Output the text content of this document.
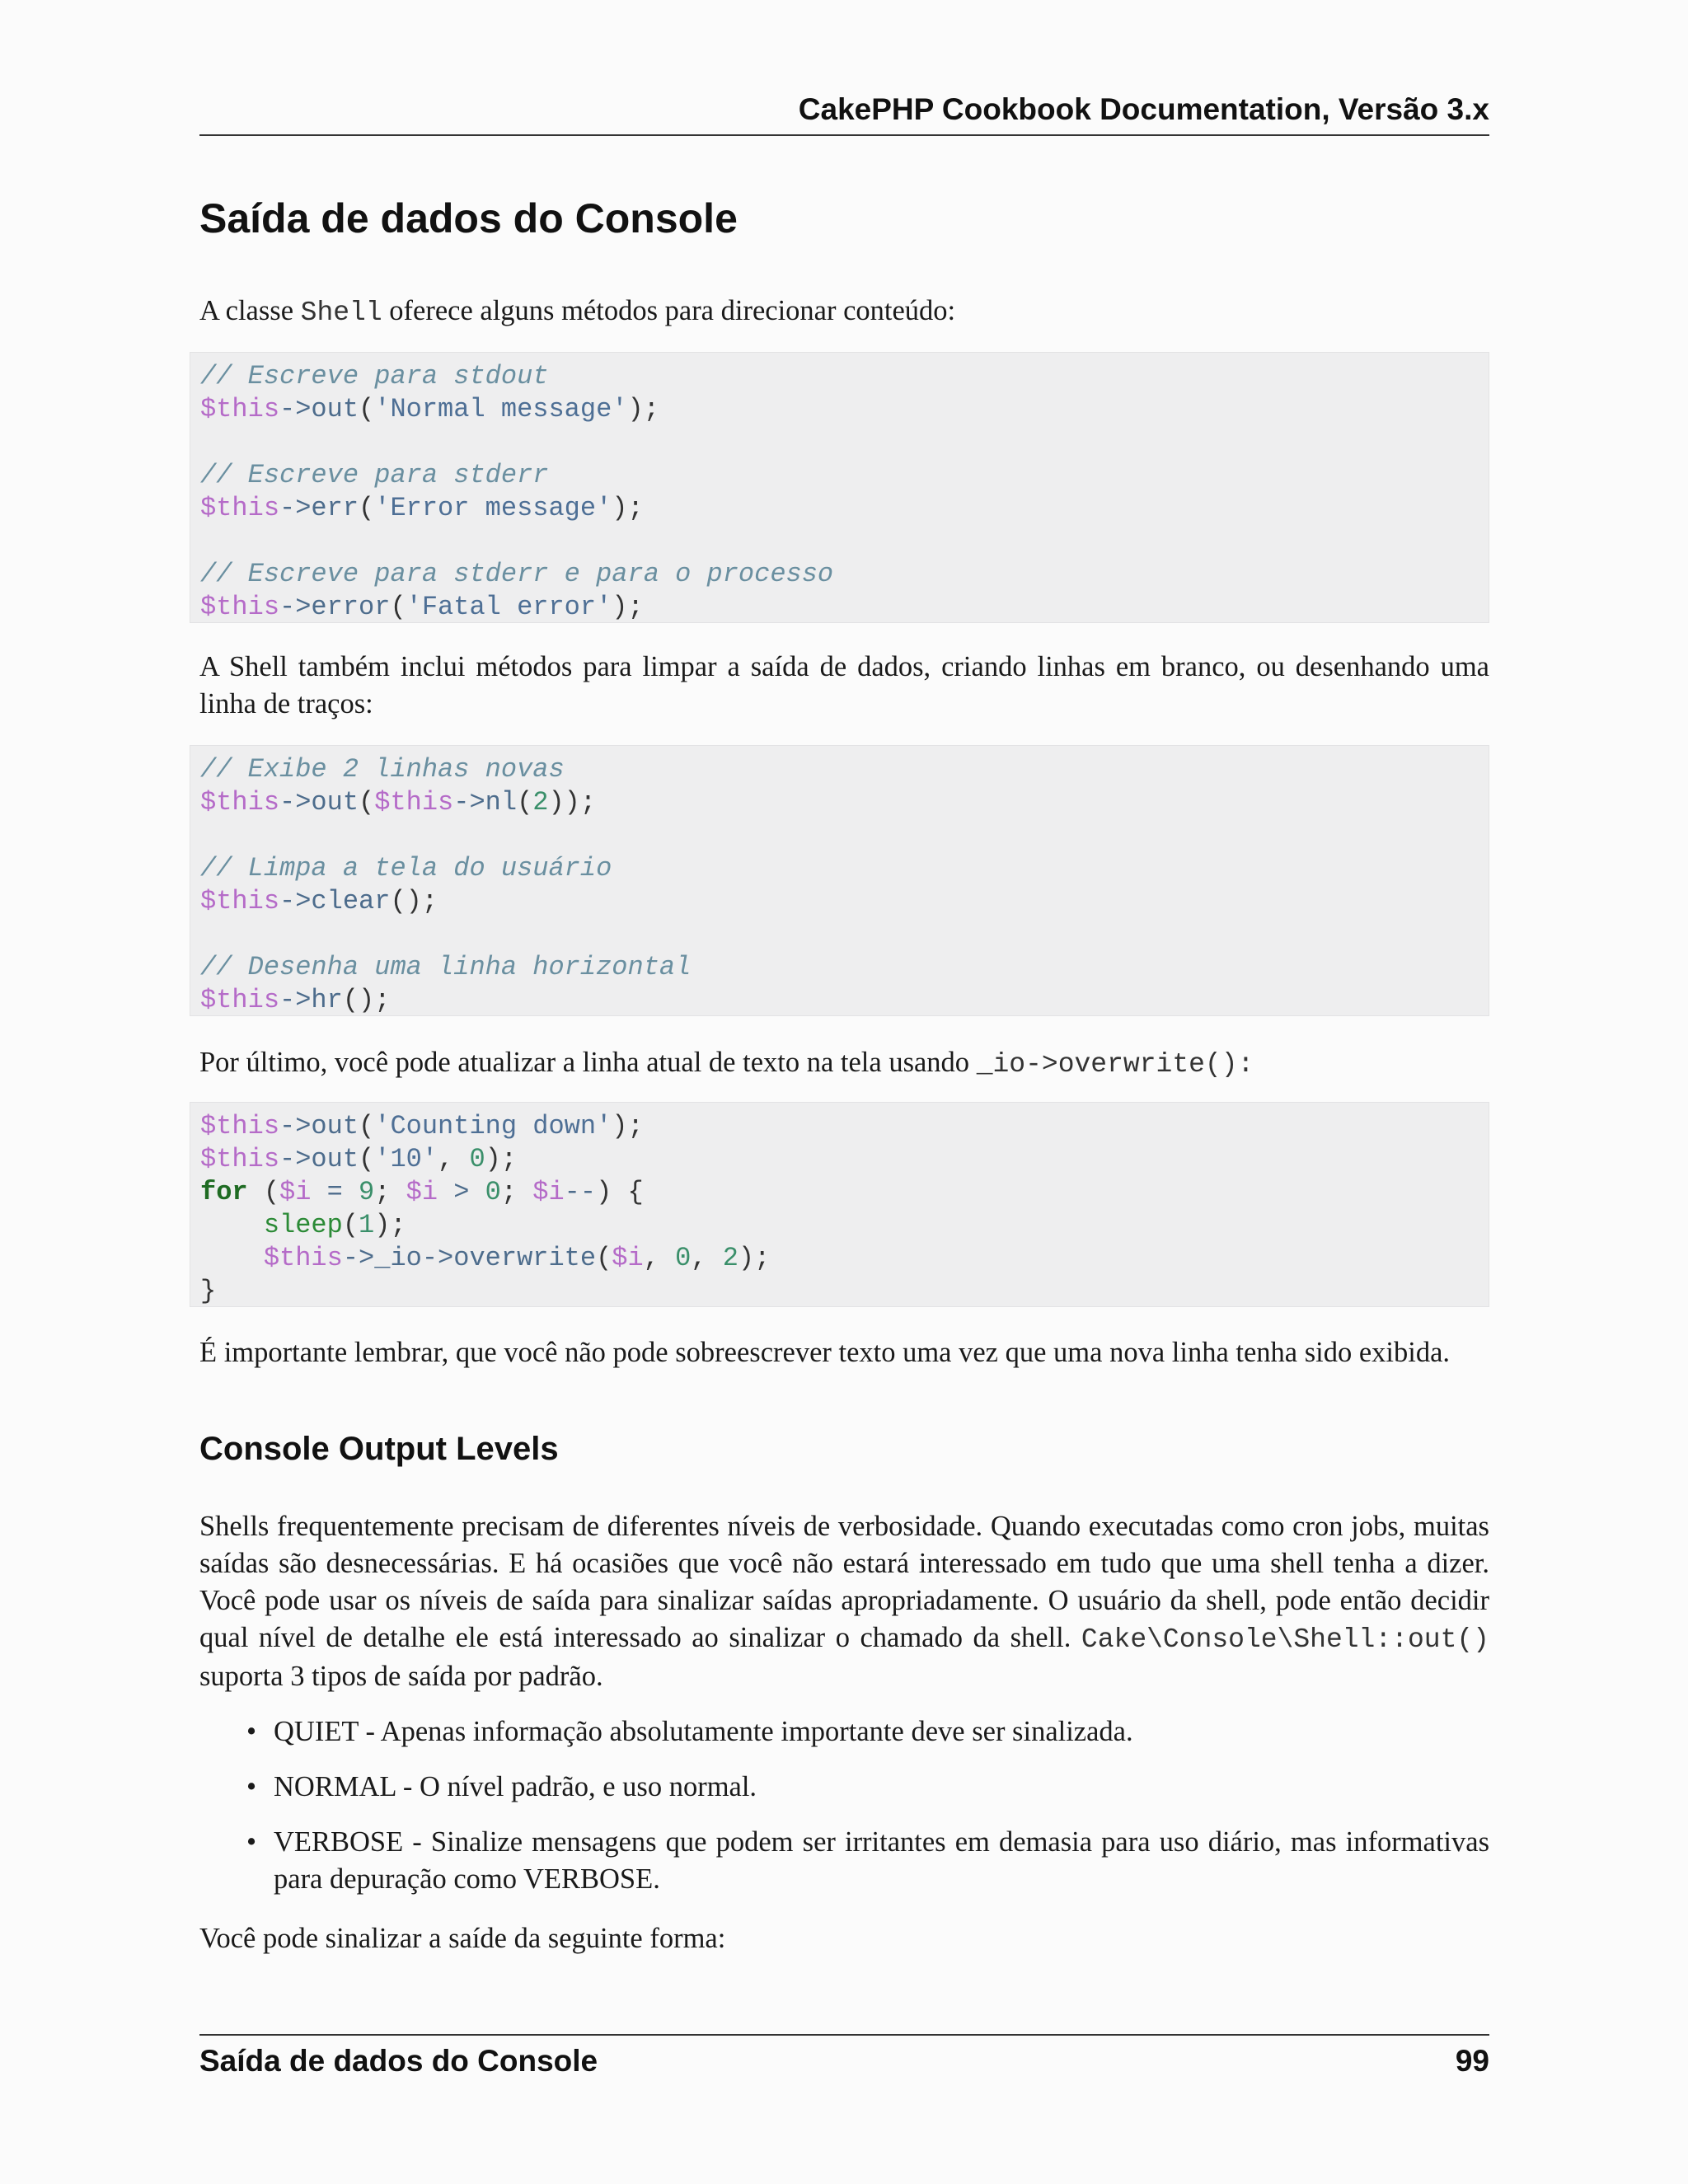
CakePHP Cookbook Documentation, Versão 3.x
Saída de dados do Console

A classe Shell oferece alguns métodos para direcionar conteúdo:

// Escreve para stdout
$this->out('Normal message');

// Escreve para stderr
$this->err('Error message');

// Escreve para stderr e para o processo
$this->error('Fatal error');

A Shell também inclui métodos para limpar a saída de dados, criando linhas em branco, ou desenhando uma linha de traços:

// Exibe 2 linhas novas
$this->out($this->nl(2));

// Limpa a tela do usuário
$this->clear();

// Desenha uma linha horizontal
$this->hr();

Por último, você pode atualizar a linha atual de texto na tela usando _io->overwrite():

$this->out('Counting down');
$this->out('10', 0);
for ($i = 9; $i > 0; $i--) {
sleep(1);
$this->_io->overwrite($i, 0, 2);
}

É importante lembrar, que você não pode sobreescrever texto uma vez que uma nova linha tenha sido exibida.

Console Output Levels

Shells frequentemente precisam de diferentes níveis de verbosidade. Quando executadas como cron jobs, muitas saídas são desnecessárias. E há ocasiões que você não estará interessado em tudo que uma shell tenha a dizer. Você pode usar os níveis de saída para sinalizar saídas apropriadamente. O usuário da shell, pode então decidir qual nível de detalhe ele está interessado ao sinalizar o chamado da shell. Cake\Console\Shell::out() suporta 3 tipos de saída por padrão.

• QUIET - Apenas informação absolutamente importante deve ser sinalizada.
• NORMAL - O nível padrão, e uso normal.
• VERBOSE - Sinalize mensagens que podem ser irritantes em demasia para uso diário, mas informativas para depuração como VERBOSE.

Você pode sinalizar a saíde da seguinte forma:

Saída de dados do Console	99
